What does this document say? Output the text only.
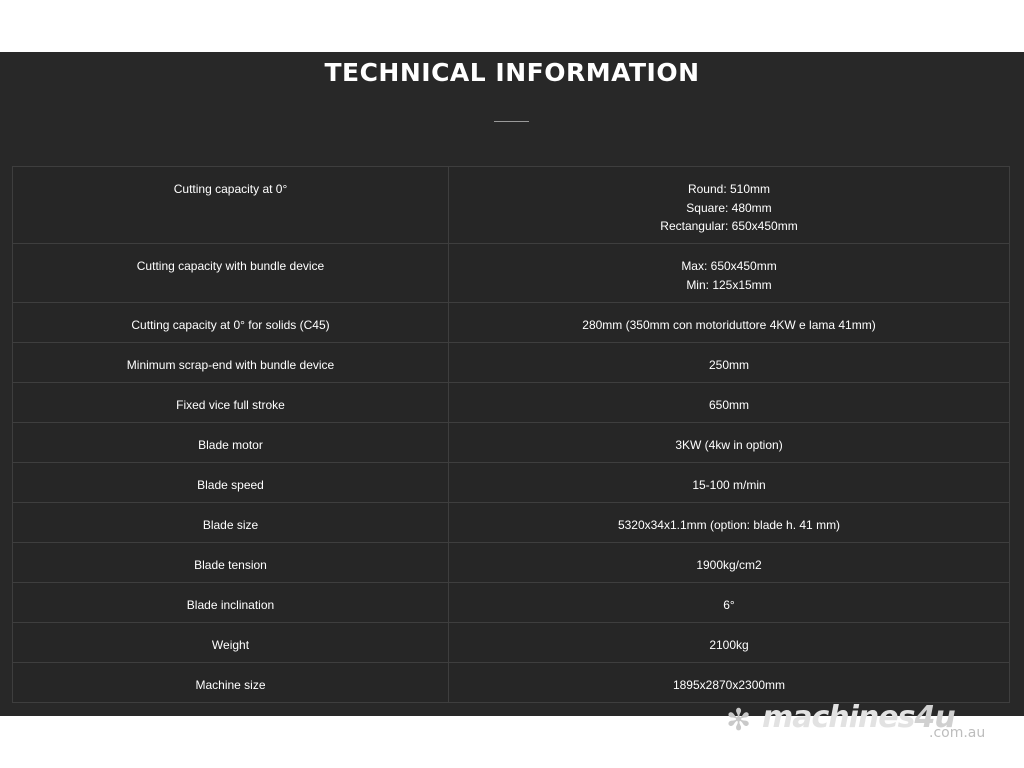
TECHNICAL INFORMATION
Cutting capacity at 0°	Round: 510mm
Square: 480mm
Rectangular: 650x450mm

Cutting capacity with bundle device	Max: 650x450mm
Min: 125x15mm

Cutting capacity at 0° for solids (C45)	280mm (350mm con motoriduttore 4KW e lama 41mm)
Minimum scrap-end with bundle device	250mm
Fixed vice full stroke	650mm
Blade motor	3KW (4kw in option)
Blade speed	15-100 m/min
Blade size	5320x34x1.1mm (option: blade h. 41 mm)
Blade tension	1900kg/cm2
Blade inclination	6°
Weight	2100kg
Machine size	1895x2870x2300mm
✻ machines4u
.com.au
